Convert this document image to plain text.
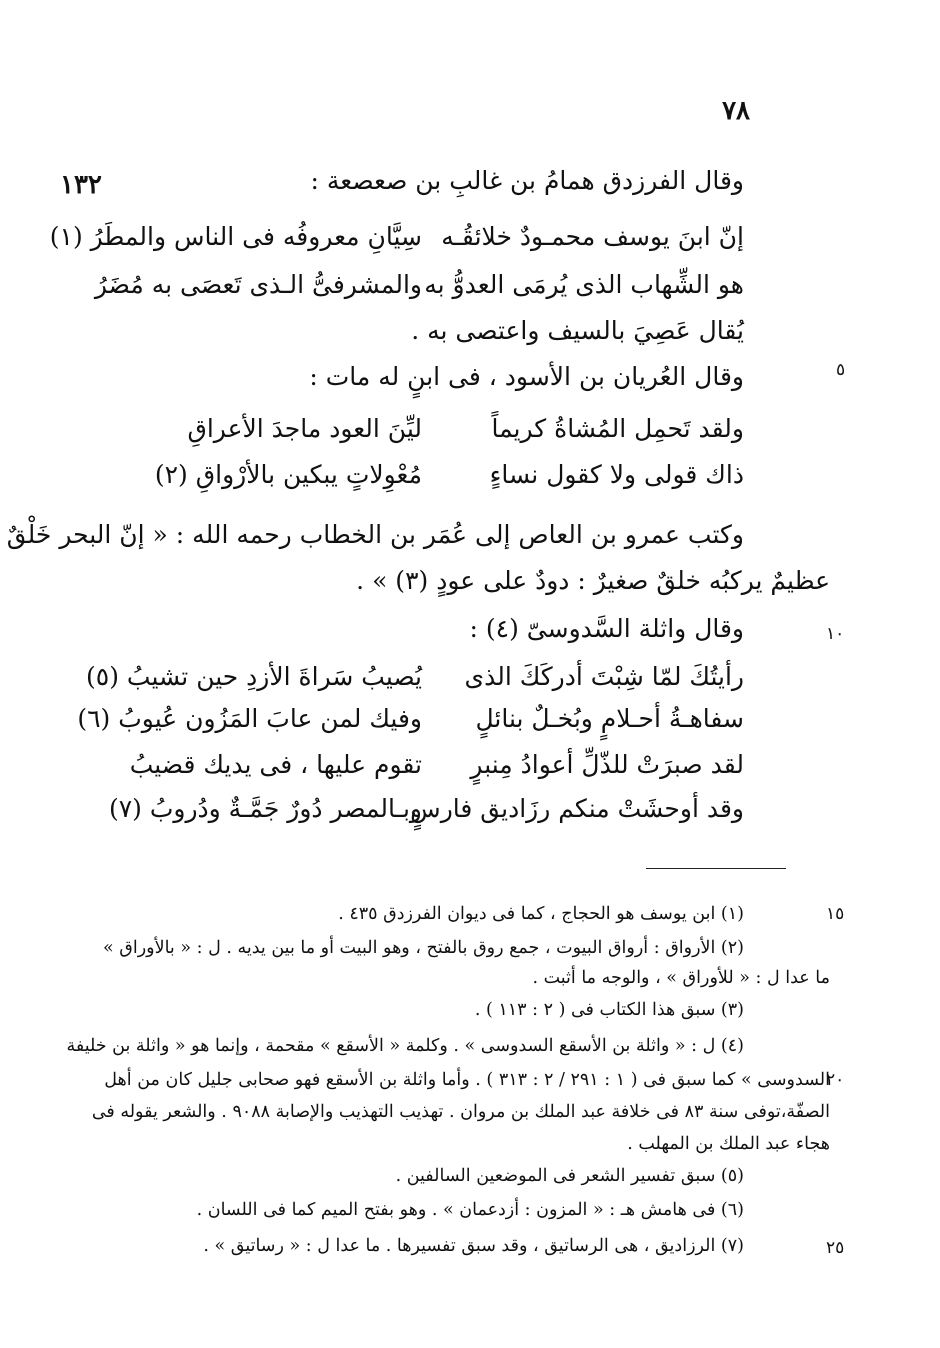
٧٨
١٣٢
٥
١٠
١٥
٢٠
٢٥
وقال الفرزدق همامُ بن غالبِ بن صعصعة :
إنّ ابنَ يوسف محمـودٌ خلائقُـه
سِيَّانِ معروفُه فى الناس والمطَرُ (١)
هو الشِّهاب الذى يُرمَى العدوُّ به
والمشرفىُّ الـذى تَعصَى به مُضَرُ
يُقال عَصِيَ بالسيف واعتصى به .
وقال العُريان بن الأسود ، فى ابنٍ له مات :
ولقد تَحمِل المُشاةُ كريماً
ليِّنَ العود ماجدَ الأعراقِ
ذاك قولى ولا كقول نساءٍ
مُعْوِلاتٍ يبكين بالأرْواقِ (٢)
وكتب عمرو بن العاص إلى عُمَر بن الخطاب رحمه الله : « إنّ البحر خَلْقٌ
عظيمٌ يركبُه خلقٌ صغيرٌ : دودٌ على عودٍ (٣) » .
وقال واثلة السَّدوسىّ (٤) :
رأيتُكَ لمّا شِبْتَ أدركَكَ الذى
يُصيبُ سَراةَ الأزدِ حين تشيبُ (٥)
سفاهـةُ أحـلامٍ وبُخـلٌ بنائلٍ
وفيك لمن عابَ المَزُون عُيوبُ (٦)
لقد صبرَتْ للذّلِّ أعوادُ مِنبرٍ
تقوم عليها ، فى يديك قضيبُ
وقد أوحشَتْ منكم رزَاديق فارسٍ
وبـالمصر دُورٌ جَمَّـةٌ ودُروبُ (٧)
(١) ابن يوسف هو الحجاج ، كما فى ديوان الفرزدق ٤٣٥ .
(٢) الأرواق : أرواق البيوت ، جمع روق بالفتح ، وهو البيت أو ما بين يديه . ل : « بالأوراق »
ما عدا ل : « للأوراق » ، والوجه ما أثبت .
(٣) سبق هذا الكتاب فى ( ٢ : ١١٣ ) .
(٤) ل : « واثلة بن الأسقع السدوسى » . وكلمة « الأسقع » مقحمة ، وإنما هو « واثلة بن خليفة
السدوسى » كما سبق فى ( ١ : ٢٩١ / ٢ : ٣١٣ ) . وأما واثلة بن الأسقع فهو صحابى جليل كان من أهل
الصفّة،توفى سنة ٨٣ فى خلافة عبد الملك بن مروان . تهذيب التهذيب والإصابة ٩٠٨٨ . والشعر يقوله فى
هجاء عبد الملك بن المهلب .
(٥) سبق تفسير الشعر فى الموضعين السالفين .
(٦) فى هامش هـ : « المزون : أزدعمان » . وهو بفتح الميم كما فى اللسان .
(٧) الرزاديق ، هى الرساتيق ، وقد سبق تفسيرها . ما عدا ل : « رساتيق » .
